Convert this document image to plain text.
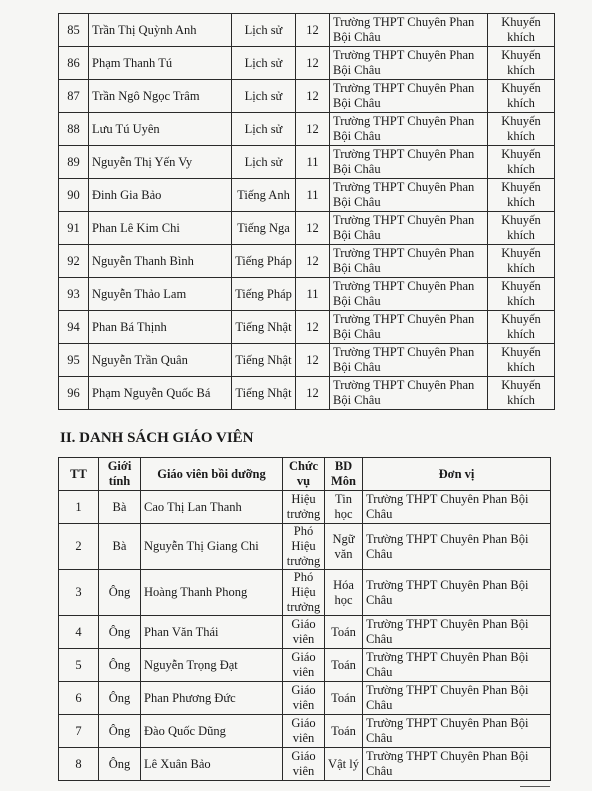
85	Trần Thị Quỳnh Anh	Lịch sử	12	Trường THPT Chuyên Phan Bội Châu	Khuyến khích
86	Phạm Thanh Tú	Lịch sử	12	Trường THPT Chuyên Phan Bội Châu	Khuyến khích
87	Trần Ngô Ngọc Trâm	Lịch sử	12	Trường THPT Chuyên Phan Bội Châu	Khuyến khích
88	Lưu Tú Uyên	Lịch sử	12	Trường THPT Chuyên Phan Bội Châu	Khuyến khích
89	Nguyễn Thị Yến Vy	Lịch sử	11	Trường THPT Chuyên Phan Bội Châu	Khuyến khích
90	Đinh Gia Bảo	Tiếng Anh	11	Trường THPT Chuyên Phan Bội Châu	Khuyến khích
91	Phan Lê Kim Chi	Tiếng Nga	12	Trường THPT Chuyên Phan Bội Châu	Khuyến khích
92	Nguyễn Thanh Bình	Tiếng Pháp	12	Trường THPT Chuyên Phan Bội Châu	Khuyến khích
93	Nguyễn Thảo Lam	Tiếng Pháp	11	Trường THPT Chuyên Phan Bội Châu	Khuyến khích
94	Phan Bá Thịnh	Tiếng Nhật	12	Trường THPT Chuyên Phan Bội Châu	Khuyến khích
95	Nguyễn Trần Quân	Tiếng Nhật	12	Trường THPT Chuyên Phan Bội Châu	Khuyến khích
96	Phạm Nguyễn Quốc Bá	Tiếng Nhật	12	Trường THPT Chuyên Phan Bội Châu	Khuyến khích
II. DANH SÁCH GIÁO VIÊN
TT	Giới tính	Giáo viên bồi dưỡng	Chức vụ	BD Môn	Đơn vị
1	Bà	Cao Thị Lan Thanh	Hiệu trưởng	Tin học	Trường THPT Chuyên Phan Bội Châu
2	Bà	Nguyễn Thị Giang Chi	Phó Hiệu trưởng	Ngữ văn	Trường THPT Chuyên Phan Bội Châu
3	Ông	Hoàng Thanh Phong	Phó Hiệu trưởng	Hóa học	Trường THPT Chuyên Phan Bội Châu
4	Ông	Phan Văn Thái	Giáo viên	Toán	Trường THPT Chuyên Phan Bội Châu
5	Ông	Nguyễn Trọng Đạt	Giáo viên	Toán	Trường THPT Chuyên Phan Bội Châu
6	Ông	Phan Phương Đức	Giáo viên	Toán	Trường THPT Chuyên Phan Bội Châu
7	Ông	Đào Quốc Dũng	Giáo viên	Toán	Trường THPT Chuyên Phan Bội Châu
8	Ông	Lê Xuân Bảo	Giáo viên	Vật lý	Trường THPT Chuyên Phan Bội Châu
